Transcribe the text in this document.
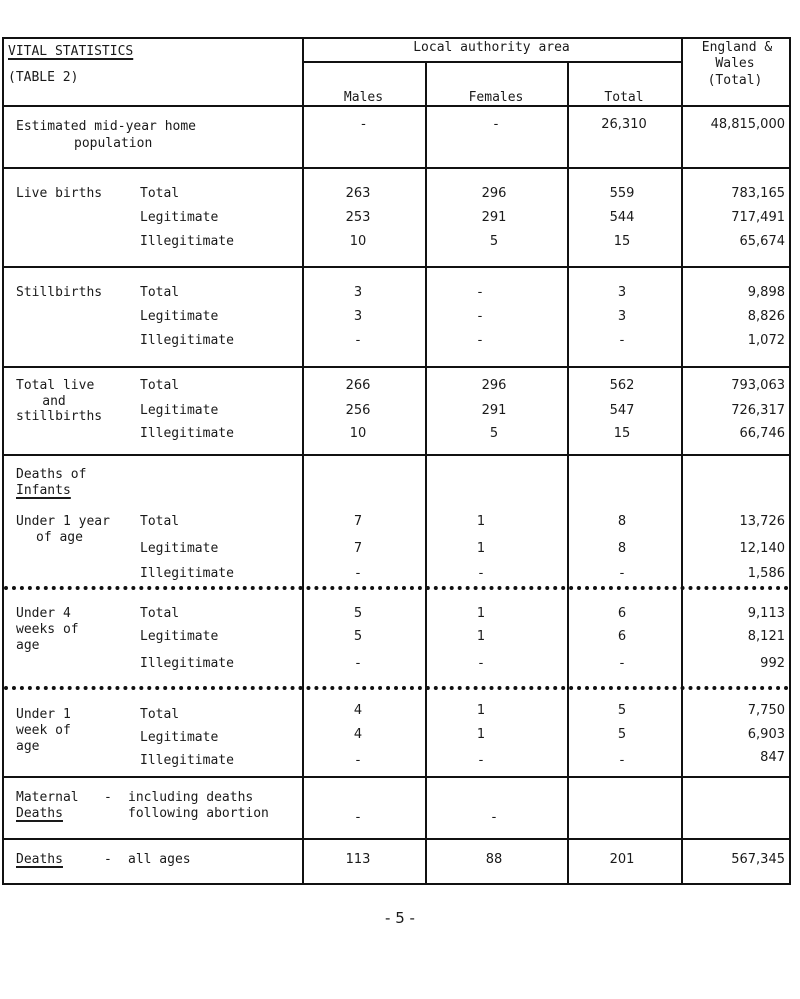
VITAL STATISTICS
(TABLE 2)
Local authority area
Males	Females	Total
England &
Wales
(Total)
Estimated mid-year home
population
-	-	26,310	48,815,000
Live births	Total	263	296	559	783,165
Legitimate	253	291	544	717,491
Illegitimate	10	5	15	65,674
Stillbirths	Total	3	-	3	9,898
Legitimate	3	-	3	8,826
Illegitimate	-	-	-	1,072
Total live
and
stillbirths
Total	266	296	562	793,063
Legitimate	256	291	547	726,317
Illegitimate	10	5	15	66,746
Deaths of
Infants
Under 1 year
of age
Total	7	1	8	13,726
Legitimate	7	1	8	12,140
Illegitimate	-	-	-	1,586
Under 4
weeks of
age
Total	5	1	6	9,113
Legitimate	5	1	6	8,121
Illegitimate	-	-	-	992
Under 1
week of
age
Total	4	1	5	7,750
Legitimate	4	1	5	6,903
Illegitimate	-	-	-	847
Maternal
Deaths
- including deaths
following abortion	-	-
Deaths	- all ages	113	88	201	567,345
- 5 -
